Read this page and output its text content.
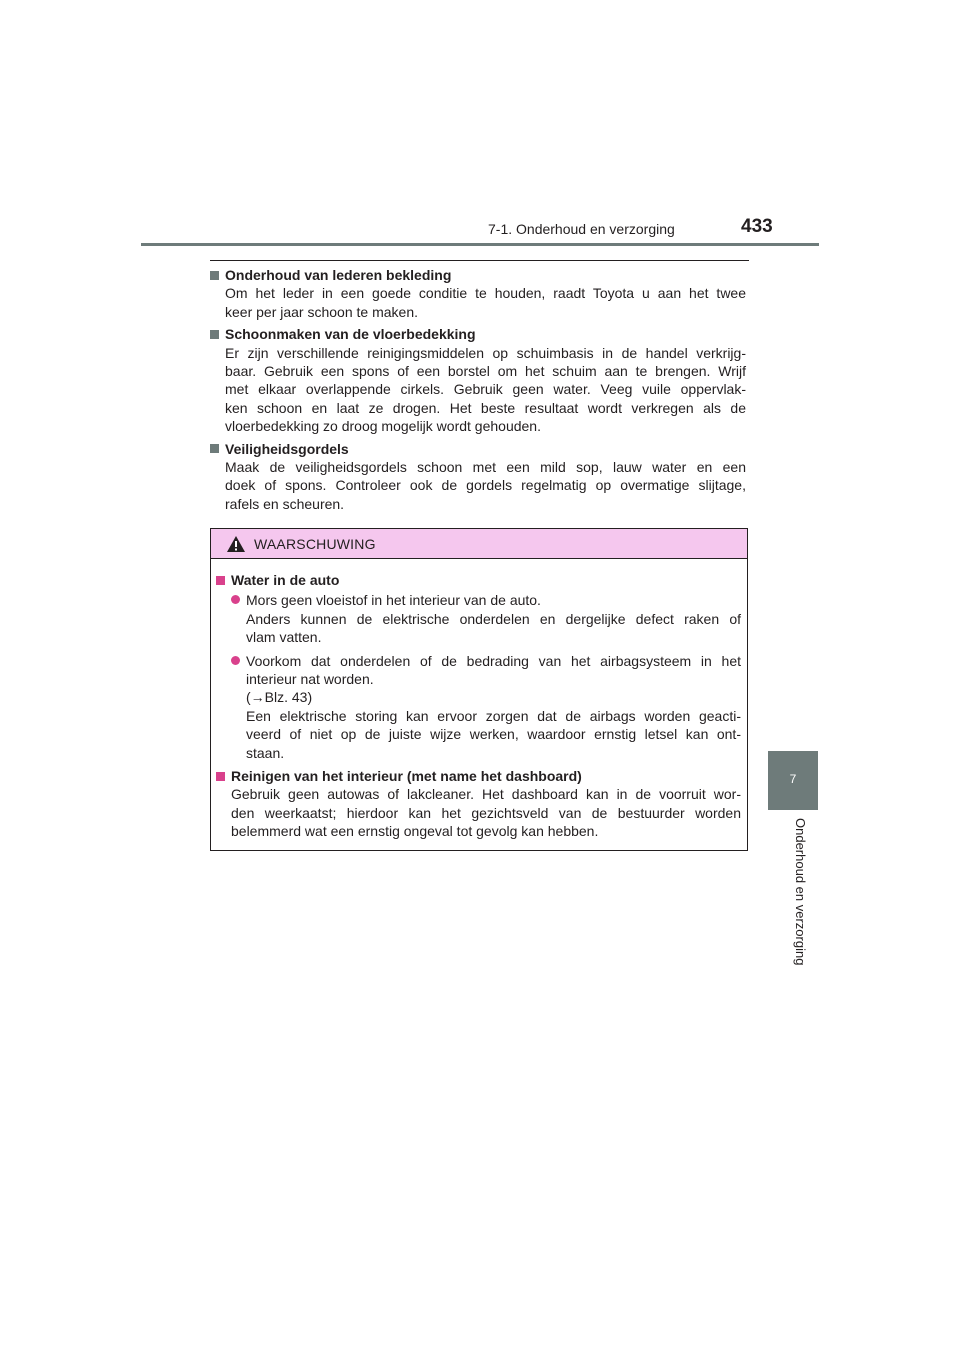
7-1. Onderhoud en verzorging	433
7
Onderhoud en verzorging
Onderhoud van lederen bekleding
Om het leder in een goede conditie te houden, raadt Toyota u aan het twee
keer per jaar schoon te maken.
Schoonmaken van de vloerbedekking
Er zijn verschillende reinigingsmiddelen op schuimbasis in de handel verkrijg-
baar. Gebruik een spons of een borstel om het schuim aan te brengen. Wrijf
met elkaar overlappende cirkels. Gebruik geen water. Veeg vuile oppervlak-
ken schoon en laat ze drogen. Het beste resultaat wordt verkregen als de
vloerbedekking zo droog mogelijk wordt gehouden.
Veiligheidsgordels
Maak de veiligheidsgordels schoon met een mild sop, lauw water en een
doek of spons. Controleer ook de gordels regelmatig op overmatige slijtage,
rafels en scheuren.
WAARSCHUWING
Water in de auto
Mors geen vloeistof in het interieur van de auto.
Anders kunnen de elektrische onderdelen en dergelijke defect raken of
vlam vatten.
Voorkom dat onderdelen of de bedrading van het airbagsysteem in het
interieur nat worden.
(→Blz. 43)
Een elektrische storing kan ervoor zorgen dat de airbags worden geacti-
veerd of niet op de juiste wijze werken, waardoor ernstig letsel kan ont-
staan.
Reinigen van het interieur (met name het dashboard)
Gebruik geen autowas of lakcleaner. Het dashboard kan in de voorruit wor-
den weerkaatst; hierdoor kan het gezichtsveld van de bestuurder worden
belemmerd wat een ernstig ongeval tot gevolg kan hebben.
